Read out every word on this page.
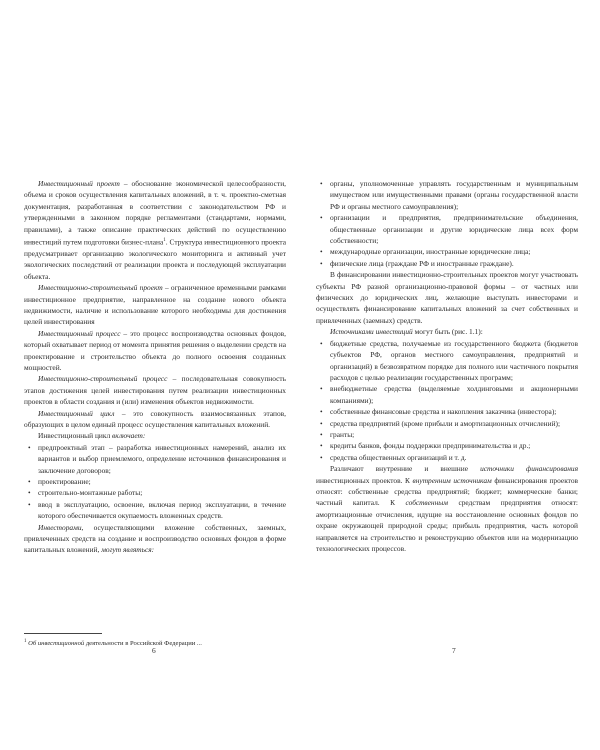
Инвестиционный проект – обоснование экономической целесообразности, объема и сроков осуществления капитальных вложений, в т. ч. проектно-сметная документация, разработанная в соответствии с законодательством РФ и утвержденными в законном порядке регламентами (стандартами, нормами, правилами), а также описание практических действий по осуществлению инвестиций путем подготовки бизнес-плана$^1$. Структура инвестиционного проекта предусматривает организацию экологического мониторинга и активный учет экологических последствий от реализации проекта и последующей эксплуатации объекта.

Инвестиционно-строительный проект – ограниченное временными рамками инвестиционное предприятие, направленное на создание нового объекта недвижимости, наличие и использование которого необходимы для достижения целей инвестирования

Инвестиционный процесс – это процесс воспроизводства основных фондов, который охватывает период от момента принятия решения о выделении средств на проектирование и строительство объекта до полного освоения созданных мощностей.

Инвестиционно-строительный процесс – последовательная совокупность этапов достижения целей инвестирования путем реализации инвестиционных проектов в области создания и (или) изменения объектов недвижимости.

Инвестиционный цикл – это совокупность взаимосвязанных этапов, образующих в целом единый процесс осуществления капитальных вложений.

Инвестиционный цикл включает:

• предпроектный этап – разработка инвестиционных намерений, анализ их вариантов и выбор приемлемого, определение источников финансирования и заключение договоров;
• проектирование;
• строительно-монтажные работы;
• ввод в эксплуатацию, освоение, включая период эксплуатации, в течение которого обеспечивается окупаемость вложенных средств.

Инвесторами, осуществляющими вложение собственных, заемных, привлеченных средств на создание и воспроизводство основных фондов в форме капитальных вложений, могут являться:

$^1$ Об инвестиционной деятельности в Российской Федерации ...
6
• органы, уполномоченные управлять государственным и муниципальным имуществом или имущественными правами (органы государственной власти РФ и органы местного самоуправления);
• организации и предприятия, предпринимательские объединения, общественные организации и другие юридические лица всех форм собственности;
• международные организации, иностранные юридические лица;
• физические лица (граждане РФ и иностранные граждане).

В финансировании инвестиционно-строительных проектов могут участвовать субъекты РФ разной организационно-правовой формы – от частных или физических до юридических лиц, желающие выступать инвесторами и осуществлять финансирование капитальных вложений за счет собственных и привлеченных (заемных) средств.

Источниками инвестиций могут быть (рис. 1.1):

• бюджетные средства, получаемые из государственного бюджета (бюджетов субъектов РФ, органов местного самоуправления, предприятий и организаций) в безвозвратном порядке для полного или частичного покрытия расходов с целью реализации государственных программ;
• внебюджетные средства (выделяемые холдинговыми и акционерными компаниями);
• собственные финансовые средства и накопления заказчика (инвестора);
• средства предприятий (кроме прибыли и амортизационных отчислений);
• гранты;
• кредиты банков, фонды поддержки предпринимательства и др.;
• средства общественных организаций и т. д.

Различают внутренние и внешние источники финансирования инвестиционных проектов. К внутренним источникам финансирования проектов относят: собственные средства предприятий; бюджет; коммерческие банки; частный капитал. К собственным средствам предприятия относят: амортизационные отчисления, идущие на восстановление основных фондов по охране окружающей природной среды; прибыль предприятия, часть которой направляется на строительство и реконструкцию объектов или на модернизацию технологических процессов.

7
